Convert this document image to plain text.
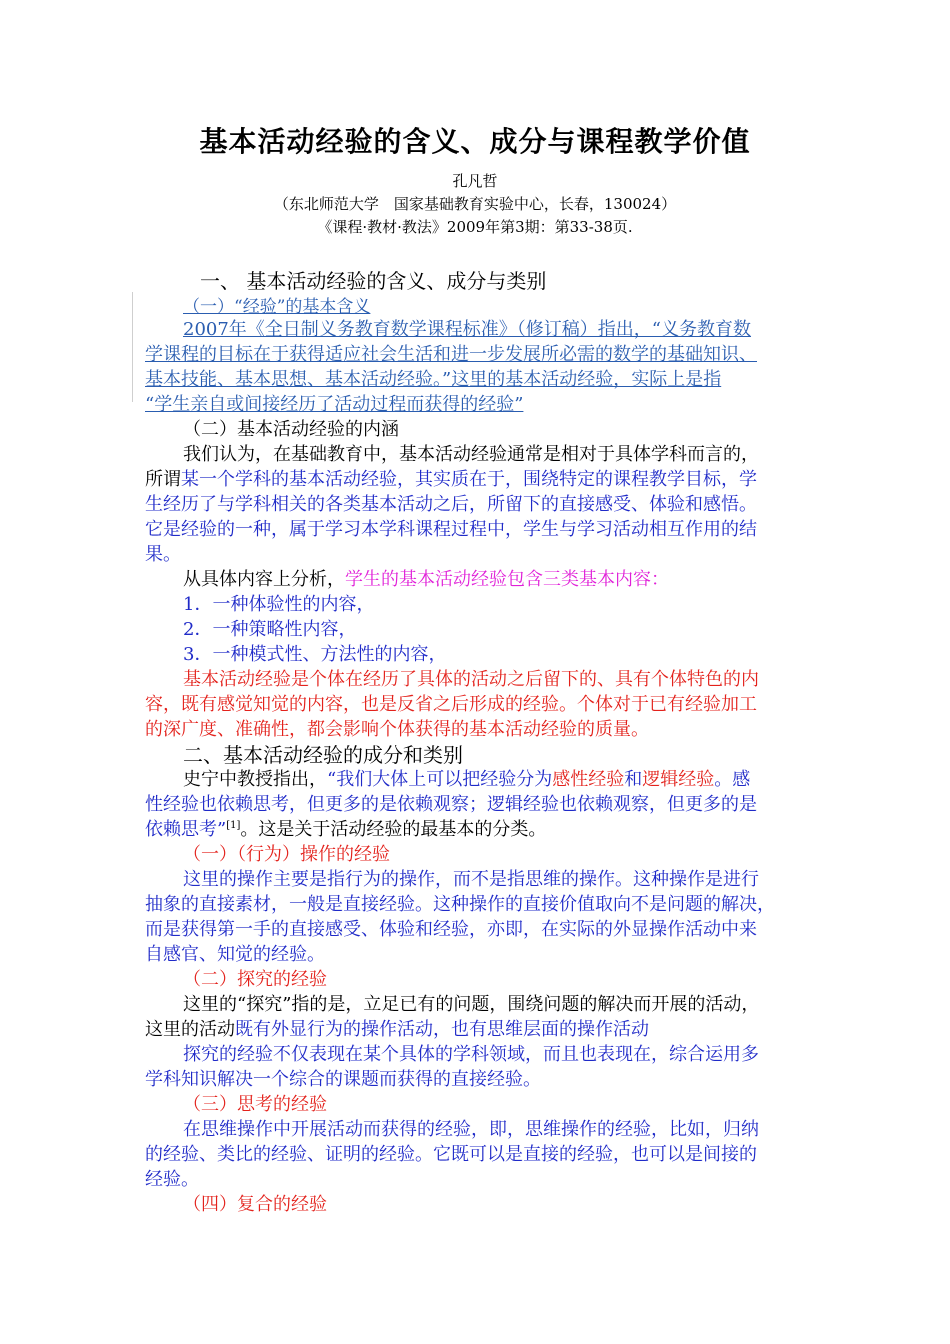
基本活动经验的含义、成分与课程教学价值
孔凡哲
（东北师范大学　国家基础教育实验中心，长春，130024）
《课程·教材·教法》2009年第3期：第33-38页.
一、 基本活动经验的含义、成分与类别
（一）“经验”的基本含义
2007年《全日制义务教育数学课程标准》（修订稿）指出，“义务教育数
学课程的目标在于获得适应社会生活和进一步发展所必需的数学的基础知识、
基本技能、基本思想、基本活动经验。”这里的基本活动经验，实际上是指
“学生亲自或间接经历了活动过程而获得的经验”
（二）基本活动经验的内涵
我们认为，在基础教育中，基本活动经验通常是相对于具体学科而言的，
所谓某一个学科的基本活动经验，其实质在于，围绕特定的课程教学目标，学
生经历了与学科相关的各类基本活动之后，所留下的直接感受、体验和感悟。
它是经验的一种，属于学习本学科课程过程中，学生与学习活动相互作用的结
果。
从具体内容上分析，学生的基本活动经验包含三类基本内容：
1．一种体验性的内容，
2．一种策略性内容，
3．一种模式性、方法性的内容，
基本活动经验是个体在经历了具体的活动之后留下的、具有个体特色的内
容，既有感觉知觉的内容，也是反省之后形成的经验。个体对于已有经验加工
的深广度、准确性，都会影响个体获得的基本活动经验的质量。
二、基本活动经验的成分和类别
史宁中教授指出，“我们大体上可以把经验分为感性经验和逻辑经验。感
性经验也依赖思考，但更多的是依赖观察；逻辑经验也依赖观察，但更多的是
依赖思考”[1]。这是关于活动经验的最基本的分类。
（一）（行为）操作的经验
这里的操作主要是指行为的操作，而不是指思维的操作。这种操作是进行
抽象的直接素材，一般是直接经验。这种操作的直接价值取向不是问题的解决，
而是获得第一手的直接感受、体验和经验，亦即，在实际的外显操作活动中来
自感官、知觉的经验。
（二）探究的经验
这里的“探究”指的是，立足已有的问题，围绕问题的解决而开展的活动，
这里的活动既有外显行为的操作活动，也有思维层面的操作活动
探究的经验不仅表现在某个具体的学科领域，而且也表现在，综合运用多
学科知识解决一个综合的课题而获得的直接经验。
（三）思考的经验
在思维操作中开展活动而获得的经验，即，思维操作的经验，比如，归纳
的经验、类比的经验、证明的经验。它既可以是直接的经验，也可以是间接的
经验。
（四）复合的经验
